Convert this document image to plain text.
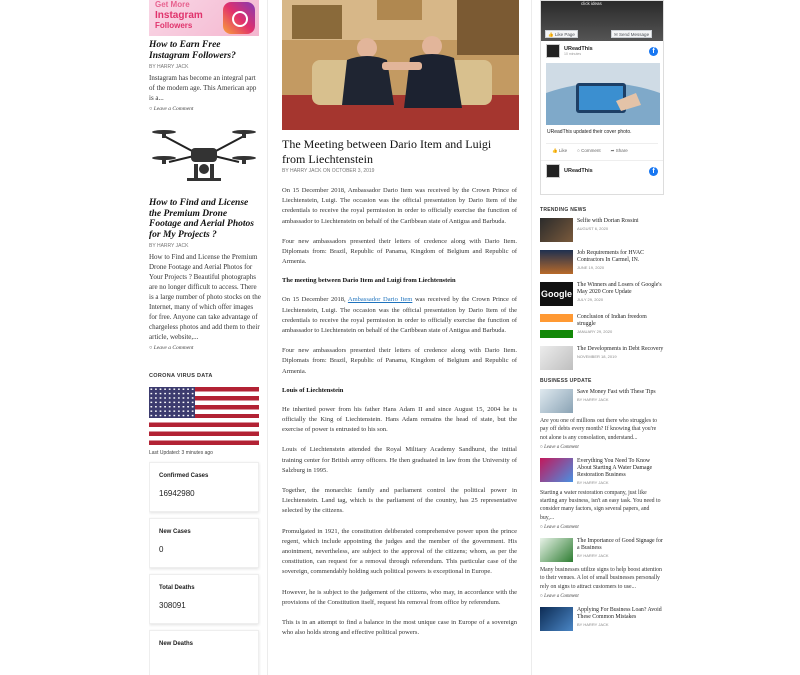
Get More
Instagram
Followers
How to Earn Free Instagram Followers?
BY HARRY JACK
Instagram has become an integral part of the modern age. This American app is a...
○ Leave a Comment
How to Find and License the Premium Drone Footage and Aerial Photos for My Projects ?
BY HARRY JACK
How to Find and License the Premium Drone Footage and Aerial Photos for Your Projects ? Beautiful photographs are no longer difficult to access. There is a large number of photo stocks on the Internet, many of which offer images for free. Anyone can take advantage of chargeless photos and add them to their article, website,...
○ Leave a Comment
CORONA VIRUS DATA
Last Updated: 3 minutes ago
Confirmed Cases
16942980
New Cases
0
Total Deaths
308091
New Deaths
The Meeting between Dario Item and Luigi from Liechtenstein
BY HARRY JACK ON OCTOBER 3, 2019

On 15 December 2018, Ambassador Dario Item was received by the Crown Prince of Liechtenstein, Luigi. The occasion was the official presentation by Dario Item of the credentials to receive the royal permission in order to officially exercise the function of ambassador to Liechtenstein on behalf of the Caribbean state of Antigua and Barbuda.

Four new ambassadors presented their letters of credence along with Dario Item. Diplomats from: Brazil, Republic of Panama, Kingdom of Belgium and Republic of Armenia.

The meeting between Dario Item and Luigi from Liechtenstein

On 15 December 2018, Ambassador Dario Item was received by the Crown Prince of Liechtenstein, Luigi. The occasion was the official presentation by Dario Item of the credentials to receive the royal permission in order to officially exercise the function of ambassador to Liechtenstein on behalf of the Caribbean state of Antigua and Barbuda.

Four new ambassadors presented their letters of credence along with Dario Item. Diplomats from: Brazil, Republic of Panama, Kingdom of Belgium and Republic of Armenia.

Louis of Liechtenstein

He inherited power from his father Hans Adam II and since August 15, 2004 he is officially the King of Liechtenstein. Hans Adam remains the head of state, but the exercise of power is entrusted to his son.

Louis of Liechtenstein attended the Royal Military Academy Sandhurst, the initial training center for British army officers. He then graduated in law from the University of Salzburg in 1995.

Together, the monarchic family and parliament control the political power in Liechtenstein. Land tag, which is the parliament of the country, has 25 representative selected by the citizens.

Promulgated in 1921, the constitution deliberated comprehensive power upon the prince regent, which include appointing the judges and the member of the government. His anointment, nevertheless, are subject to the approval of the citizens; whom, as per the constitution, can request for a removal through referendum. This particular case of the sovereign, commendably holding such political powers is exceptional in Europe.

However, he is subject to the judgement of the citizens, who may, in accordance with the provisions of the Constitution itself, request his removal from office by referendum.

This is in an attempt to find a balance in the most unique case in Europe of a sovereign who also holds strong and effective political powers.

click ideas
👍 Like Page	✉ Send Message
UReadThis
10 minutes	f
UReadThis updated their cover photo.
👍 Like ○ Comment ➦ Share
UReadThis	f
TRENDING NEWS
Selfie with Dorian Rossini
AUGUST 6, 2020
Job Requirements for HVAC Contractors In Carmel, IN.
JUNE 19, 2020
Google
The Winners and Losers of Google's May 2020 Core Update
JULY 29, 2020
Conclusion of Indian freedom struggle
JANUARY 29, 2020
The Developments in Debt Recovery
NOVEMBER 18, 2019
BUSINESS UPDATE
Save Money Fast with These Tips
BY HARRY JACK
Are you one of millions out there who struggles to pay off debts every month? If knowing that you're not alone is any consolation, understand...
○ Leave a Comment
Everything You Need To Know About Starting A Water Damage Restoration Business
BY HARRY JACK
Starting a water restoration company, just like starting any business, isn't an easy task. You need to consider many factors, sign several papers, and buy,...
○ Leave a Comment
The Importance of Good Signage for a Business
BY HARRY JACK
Many businesses utilize signs to help boost attention to their venues. A lot of small businesses personally rely on signs to attract customers to use...
○ Leave a Comment
Applying For Business Loan? Avoid These Common Mistakes
BY HARRY JACK
